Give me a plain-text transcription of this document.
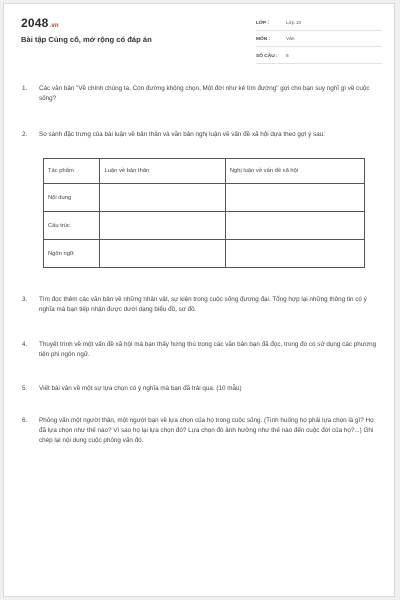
2048.vn
Bài tập Củng cố, mở rộng có đáp án
LỚP :	Lớp 10
MÔN :	Văn
SỐ CÂU :	6
1.	Các văn bản "Về chính chúng ta, Con đường không chọn, Một đời như kẻ tìm đường" gợi cho bạn suy nghĩ gì về cuộc sống?
2.	So sánh đặc trưng của bài luận về bản thân và văn bản nghị luận về vấn đề xã hội dựa theo gợi ý sau:
Tác phẩm	Luận về bản thân	Nghị luận về vấn đề xã hội
Nội dung		
Cấu trúc		
Ngôn ngữ		
3.	Tìm đọc thêm các văn bản về những nhân vật, sự kiện trong cuộc sống đương đại. Tổng hợp lại những thông tin có ý nghĩa mà bạn tiếp nhận được dưới dạng biểu đồ, sơ đồ.
4.	Thuyết trình về một vấn đề xã hội mà bạn thấy hứng thú trong các văn bản bạn đã đọc, trong đó có sử dụng các phương tiện phi ngôn ngữ.
5.	Viết bài văn về một sự lựa chọn có ý nghĩa mà bạn đã trải qua. (10 mẫu)
6.	Phỏng vấn một người thân, một người bạn về lựa chọn của họ trong cuộc sống. (Tình huống họ phải lựa chọn là gì? Họ đã lựa chọn như thế nào? Vì sao họ lại lựa chọn đó? Lựa chọn đó ảnh hưởng như thế nào đến cuộc đời của họ?...) Ghi chép lại nội dung cuộc phỏng vấn đó.
